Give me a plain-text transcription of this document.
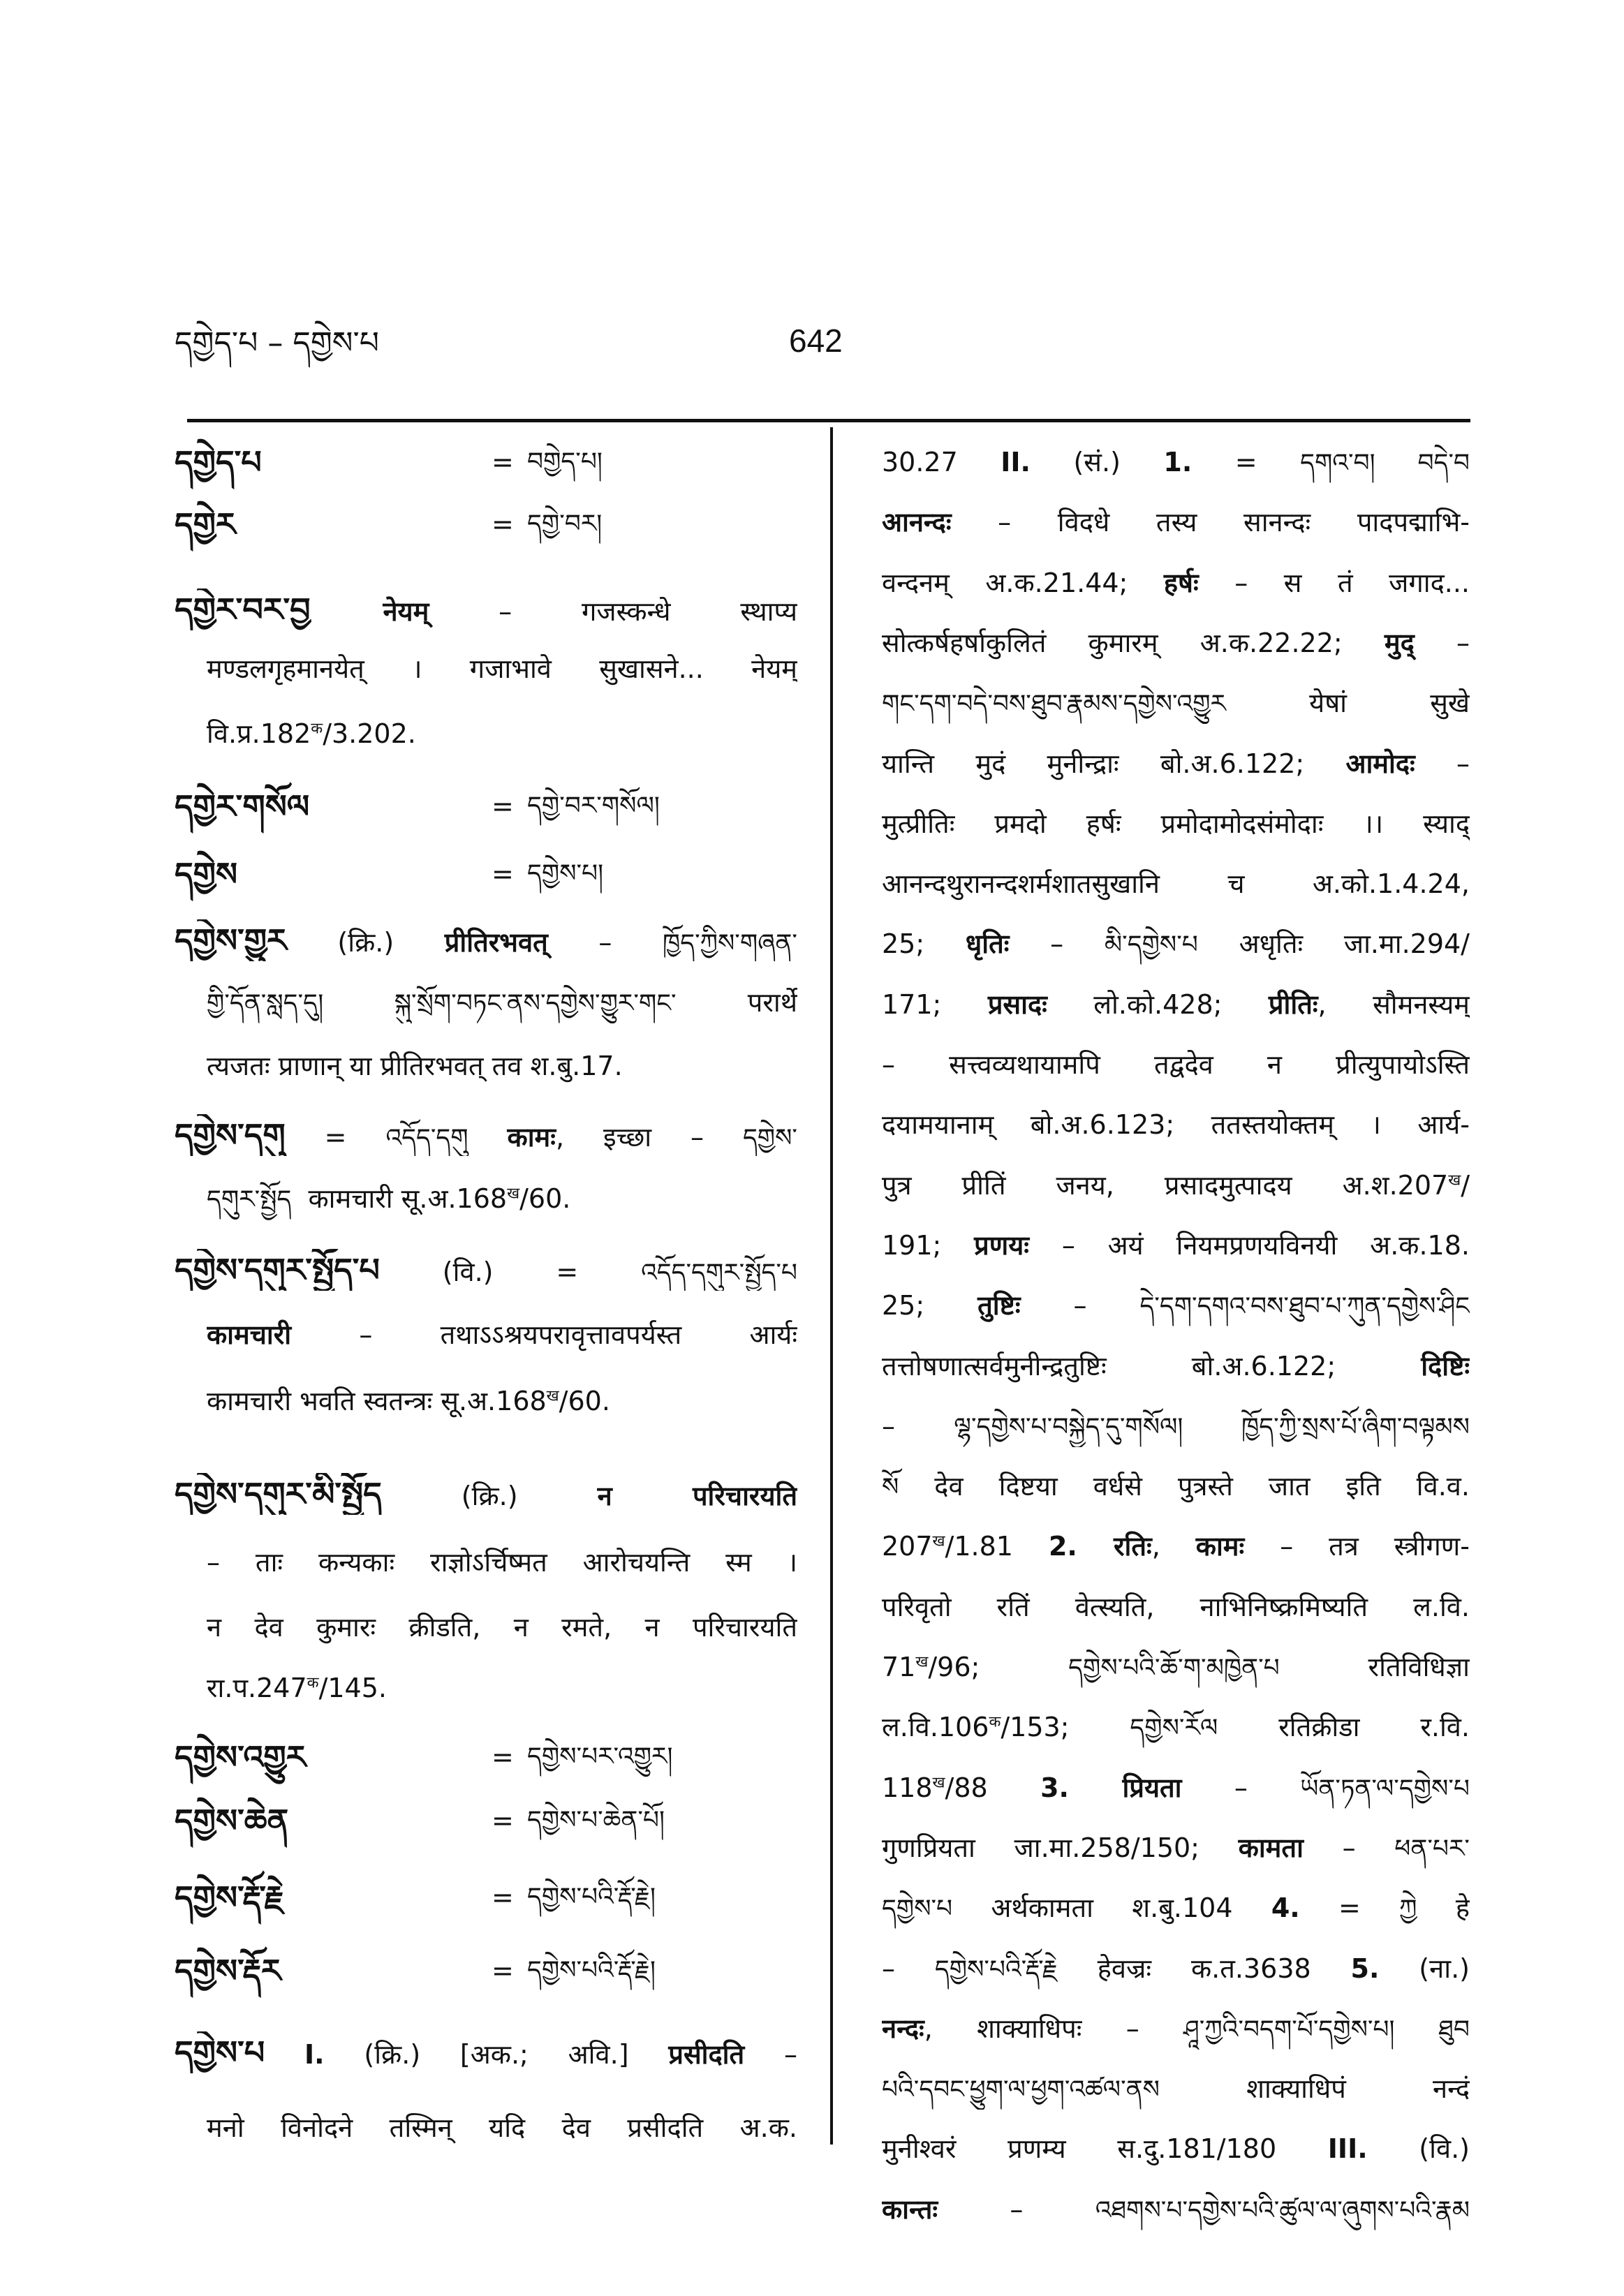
དགྱེད་པ – དགྱེས་པ	642
དགྱེད་པ	= བགྱེད་པ།
དགྱེར	= དགྱེ་བར།
དགྱེར་བར་བྱ नेयम् – गजस्कन्धे स्थाप्य
मण्डलगृहमानयेत् । गजाभावे सुखासने... नेयम्
$वि.प्र.182^क/3.202$.
དགྱེར་གསོལ	= དགྱེ་བར་གསོལ།
དགྱེས	= དགྱེས་པ།
དགྱེས་གྱུར (क्रि.) प्रीतिरभवत् – ཁྱོད་ཀྱིས་གཞན་
གྱི་དོན་སླད་དུ། སྐུ་སྲོག་བཏང་ནས་དགྱེས་གྱུར་གང་ परार्थे
त्यजतः प्राणान् या प्रीतिरभवत् तव श.बु.17.
དགྱེས་དགུ = འདོད་དགུ कामः, इच्छा – དགྱེས་
དགུར་སྤྱོད  कामचारी $सू.अ.168^ख/60$.
དགྱེས་དགུར་སྤྱོད་པ (वि.) = འདོད་དགུར་སྤྱོད་པ
कामचारी – तथाऽऽश्रयपरावृत्तावपर्यस्त आर्यः
कामचारी भवति स्वतन्त्रः $सू.अ.168^ख/60$.
དགྱེས་དགུར་མི་སྤྱོད (क्रि.) न परिचारयति
– ताः कन्यकाः राज्ञोऽर्चिष्मत आरोचयन्ति स्म ।
न देव कुमारः क्रीडति, न रमते, न परिचारयति
$रा.प.247^क/145$.
དགྱེས་འགྱུར	= དགྱེས་པར་འགྱུར།
དགྱེས་ཆེན	= དགྱེས་པ་ཆེན་པོ།
དགྱེས་རྡོ་རྗེ	= དགྱེས་པའི་རྡོ་རྗེ།
དགྱེས་རྡོར	= དགྱེས་པའི་རྡོ་རྗེ།
དགྱེས་པ I. (क्रि.) [अक.; अवि.] प्रसीदति –
मनो विनोदने तस्मिन् यदि देव प्रसीदति अ.क.
30.27 II. (सं.) 1. = དགའ་བ། བདེ་བ
आनन्दः – विदधे तस्य सानन्दः पादपद्माभि-
वन्दनम् अ.क.21.44; हर्षः – स तं जगाद...
सोत्कर्षहर्षाकुलितं कुमारम् अ.क.22.22; मुद् –
གང་དག་བདེ་བས་ཐུབ་རྣམས་དགྱེས་འགྱུར येषां सुखे
यान्ति मुदं मुनीन्द्राः बो.अ.6.122; आमोदः –
मुत्प्रीतिः प्रमदो हर्षः प्रमोदामोदसंमोदाः ।। स्याद्
आनन्दथुरानन्दशर्मशातसुखानि च अ.को.1.4.24,
25; धृतिः – མི་དགྱེས་པ अधृतिः जा.मा.294/
171; प्रसादः लो.को.428; प्रीतिः, सौमनस्यम्
– सत्त्वव्यथायामपि तद्वदेव न प्रीत्युपायोऽस्ति
दयामयानाम् बो.अ.6.123; ततस्तयोक्तम् । आर्य-
पुत्र प्रीतिं जनय, प्रसादमुत्पादय $अ.श.207^ख/$
191; प्रणयः – अयं नियमप्रणयविनयी अ.क.18.
25; तुष्टिः – དེ་དག་དགའ་བས་ཐུབ་པ་ཀུན་དགྱེས་ཤིང
तत्तोषणात्सर्वमुनीन्द्रतुष्टिः बो.अ.6.122; दिष्टिः
– ལྷ་དགྱེས་པ་བསྐྱེད་དུ་གསོལ། ཁྱོད་ཀྱི་སྲས་པོ་ཞིག་བལྟམས
སོ देव दिष्टया वर्धसे पुत्रस्ते जात इति वि.व.
$207^ख/1.81$ 2. रतिः, कामः – तत्र स्त्रीगण-
परिवृतो रतिं वेत्स्यति, नाभिनिष्क्रमिष्यति ल.वि.
$71^ख/96$; དགྱེས་པའི་ཆོ་ག་མཁྱེན་པ रतिविधिज्ञा
$ल.वि.106^क/153$; དགྱེས་རོལ रतिक्रीडा र.वि.
$118^ख/88$ 3. प्रियता – ཡོན་ཏན་ལ་དགྱེས་པ
गुणप्रियता जा.मा.258/150; कामता – ཕན་པར་
དགྱེས་པ अर्थकामता श.बु.104 4. = ཀྱེ हे
– དགྱེས་པའི་རྡོ་རྗེ हेवज्रः क.त.3638 5. (ना.)
नन्दः, शाक्याधिपः – ཤཱ་ཀྱའི་བདག་པོ་དགྱེས་པ། ཐུབ
པའི་དབང་ཕྱུག་ལ་ཕྱག་འཚལ་ནས शाक्याधिपं नन्दं
मुनीश्वरं प्रणम्य स.दु.181/180 III. (वि.)
कान्तः – འཐགས་པ་དགྱེས་པའི་ཚུལ་ལ་ཞུགས་པའི་རྣམ
